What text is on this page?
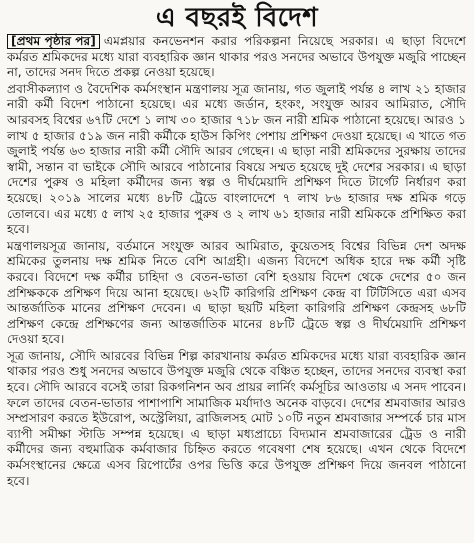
এ বছরই বিদেশ

[প্রথম পৃষ্ঠার পর] এমপ্লয়ার কনভেনশন করার পরিকল্পনা নিয়েছে সরকার। এ ছাড়া বিদেশে কর্মরত শ্রমিকদের মধ্যে যারা ব্যবহারিক জ্ঞান থাকার পরও সনদের অভাবে উপযুক্ত মজুরি পাচ্ছেন না, তাদের সনদ দিতে প্রকল্প নেওয়া হয়েছে।

প্রবাসীকল্যাণ ও বৈদেশিক কর্মসংস্থান মন্ত্রণালয় সূত্র জানায়, গত জুলাই পর্যন্ত ৪ লাখ ২১ হাজার নারী কর্মী বিদেশ পাঠানো হয়েছে। এর মধ্যে জর্ডান, হংকং, সংযুক্ত আরব আমিরাত, সৌদি আরবসহ বিশ্বের ৬৭টি দেশে ১ লাখ ৩০ হাজার ৭১৮ জন নারী শ্রমিক পাঠানো হয়েছে। আরও ১ লাখ ৫ হাজার ৫১৯ জন নারী কর্মীকে হাউস কিপিং পেশায় প্রশিক্ষণ দেওয়া হয়েছে। এ খাতে গত জুলাই পর্যন্ত ৬৩ হাজার নারী কর্মী সৌদি আরব গেছেন। এ ছাড়া নারী শ্রমিকদের সুরক্ষায় তাদের স্বামী, সন্তান বা ভাইকে সৌদি আরবে পাঠানোর বিষয়ে সম্মত হয়েছে দুই দেশের সরকার। এ ছাড়া দেশের পুরুষ ও মহিলা কর্মীদের জন্য স্বল্প ও দীর্ঘমেয়াদি প্রশিক্ষণ দিতে টার্গেট নির্ধারণ করা হয়েছে। ২০১৯ সালের মধ্যে ৪৮টি ট্রেডে বাংলাদেশে ৭ লাখ ৮৬ হাজার দক্ষ শ্রমিক গড়ে তোলবে। এর মধ্যে ৫ লাখ ২৫ হাজার পুরুষ ও ২ লাখ ৬১ হাজার নারী শ্রমিককে প্রশিক্ষিত করা হবে।

মন্ত্রণালয়সূত্র জানায়, বর্তমানে সংযুক্ত আরব আমিরাত, কুয়েতসহ বিশ্বের বিভিন্ন দেশ অদক্ষ শ্রমিকের তুলনায় দক্ষ শ্রমিক নিতে বেশি আগ্রহী। এজন্য বিদেশে অধিক হারে দক্ষ কর্মী সৃষ্টি করবে। বিদেশে দক্ষ কর্মীর চাহিদা ও বেতন-ভাতা বেশি হওয়ায় বিদেশ থেকে দেশের ৫০ জন প্রশিক্ষককে প্রশিক্ষণ দিয়ে আনা হয়েছে। ৬২টি কারিগরি প্রশিক্ষণ কেন্দ্র বা টিটিসিতে এরা এসব আন্তর্জাতিক মানের প্রশিক্ষণ দেবেন। এ ছাড়া ছয়টি মহিলা কারিগরি প্রশিক্ষণ কেন্দ্রসহ ৬৮টি প্রশিক্ষণ কেন্দ্রে প্রশিক্ষণের জন্য আন্তর্জাতিক মানের ৪৮টি ট্রেডে স্বল্প ও দীর্ঘমেয়াদি প্রশিক্ষণ দেওয়া হবে।

সূত্র জানায়, সৌদি আরবের বিভিন্ন শিল্প কারখানায় কর্মরত শ্রমিকদের মধ্যে যারা ব্যবহারিক জ্ঞান থাকার পরও শুধু সনদের অভাবে উপযুক্ত মজুরি থেকে বঞ্চিত হচ্ছেন, তাদের সনদের ব্যবস্থা করা হবে। সৌদি আরবে বসেই তারা রিকগনিশন অব প্রায়র লার্নিং কর্মসূচির আওতায় এ সনদ পাবেন। ফলে তাদের বেতন-ভাতার পাশাপাশি সামাজিক মর্যাদাও অনেক বাড়বে। দেশের শ্রমবাজার আরও সম্প্রসারণ করতে ইউরোপ, অস্ট্রেলিয়া, ব্রাজিলসহ মোট ১০টি নতুন শ্রমবাজার সম্পর্কে চার মাস ব্যাপী সমীক্ষা স্টাডি সম্পন্ন হয়েছে। এ ছাড়া মধ্যপ্রাচ্যে বিদ্যমান শ্রমবাজারের ট্রেড ও নারী কর্মীদের জন্য বহুমাত্রিক কর্মবাজার চিহ্নিত করতে গবেষণা শেষ হয়েছে। এখন থেকে বিদেশে কর্মসংস্থানের ক্ষেত্রে এসব রিপোর্টের ওপর ভিত্তি করে উপযুক্ত প্রশিক্ষণ দিয়ে জনবল পাঠানো হবে।
